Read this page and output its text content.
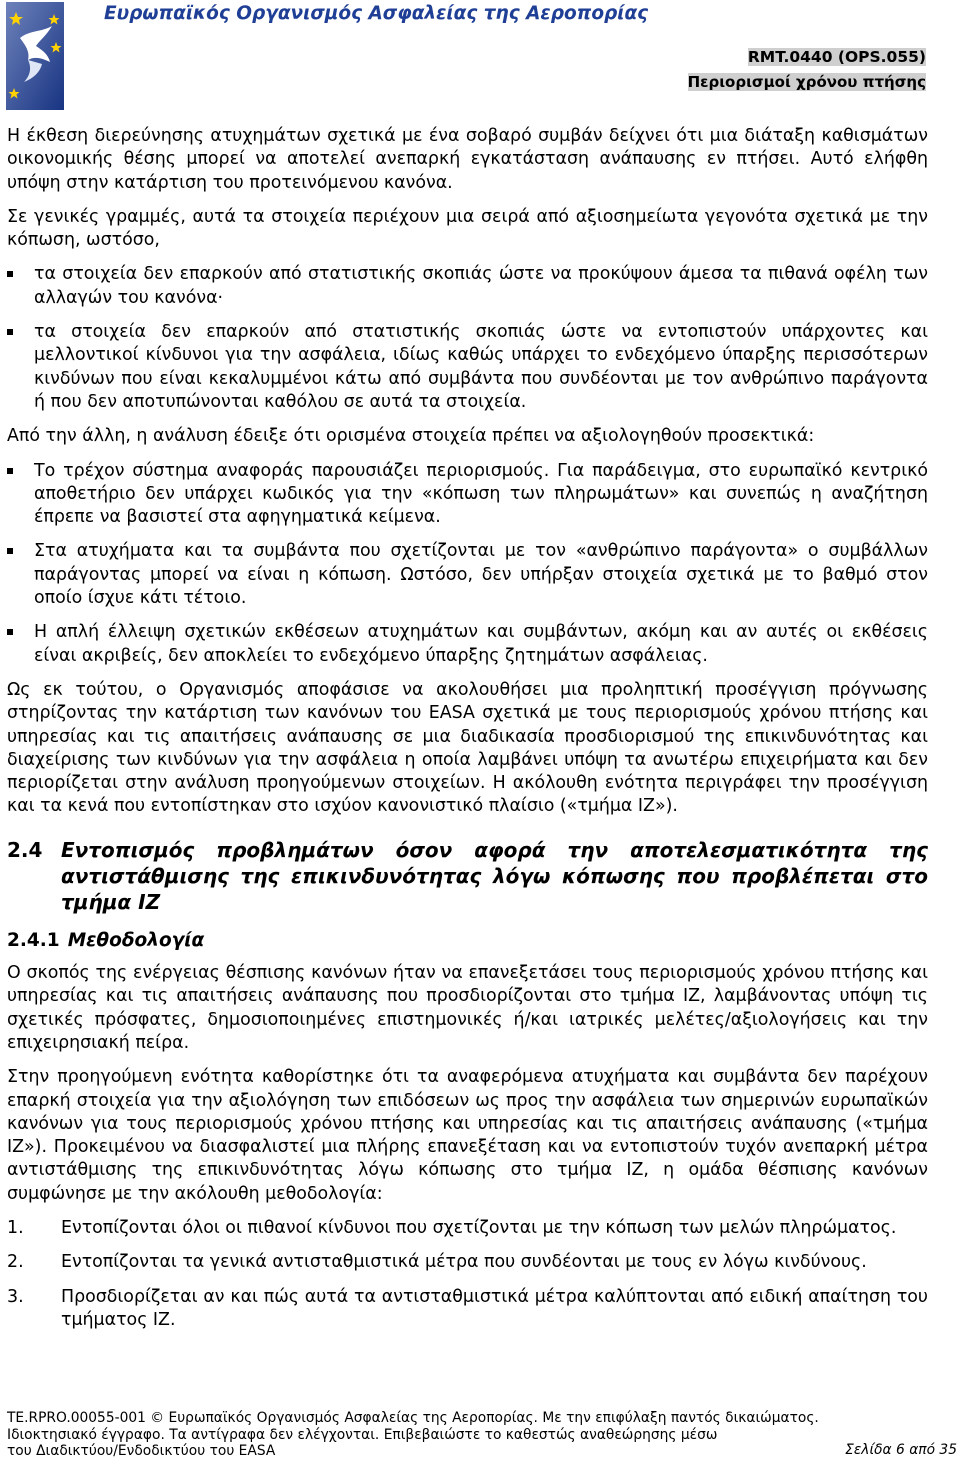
Ευρωπαϊκός Οργανισμός Ασφαλείας της Αεροπορίας
RMT.0440 (OPS.055)
Περιορισμοί χρόνου πτήσης

Η έκθεση διερεύνησης ατυχημάτων σχετικά με ένα σοβαρό συμβάν δείχνει ότι μια διάταξη καθισμάτων οικονομικής θέσης μπορεί να αποτελεί ανεπαρκή εγκατάσταση ανάπαυσης εν πτήσει. Αυτό ελήφθη υπόψη στην κατάρτιση του προτεινόμενου κανόνα.

Σε γενικές γραμμές, αυτά τα στοιχεία περιέχουν μια σειρά από αξιοσημείωτα γεγονότα σχετικά με την κόπωση, ωστόσο,

τα στοιχεία δεν επαρκούν από στατιστικής σκοπιάς ώστε να προκύψουν άμεσα τα πιθανά οφέλη των αλλαγών του κανόνα·
τα στοιχεία δεν επαρκούν από στατιστικής σκοπιάς ώστε να εντοπιστούν υπάρχοντες και μελλοντικοί κίνδυνοι για την ασφάλεια, ιδίως καθώς υπάρχει το ενδεχόμενο ύπαρξης περισσότερων κινδύνων που είναι κεκαλυμμένοι κάτω από συμβάντα που συνδέονται με τον ανθρώπινο παράγοντα ή που δεν αποτυπώνονται καθόλου σε αυτά τα στοιχεία.

Από την άλλη, η ανάλυση έδειξε ότι ορισμένα στοιχεία πρέπει να αξιολογηθούν προσεκτικά:

Το τρέχον σύστημα αναφοράς παρουσιάζει περιορισμούς. Για παράδειγμα, στο ευρωπαϊκό κεντρικό αποθετήριο δεν υπάρχει κωδικός για την «κόπωση των πληρωμάτων» και συνεπώς η αναζήτηση έπρεπε να βασιστεί στα αφηγηματικά κείμενα.
Στα ατυχήματα και τα συμβάντα που σχετίζονται με τον «ανθρώπινο παράγοντα» ο συμβάλλων παράγοντας μπορεί να είναι η κόπωση. Ωστόσο, δεν υπήρξαν στοιχεία σχετικά με το βαθμό στον οποίο ίσχυε κάτι τέτοιο.
Η απλή έλλειψη σχετικών εκθέσεων ατυχημάτων και συμβάντων, ακόμη και αν αυτές οι εκθέσεις είναι ακριβείς, δεν αποκλείει το ενδεχόμενο ύπαρξης ζητημάτων ασφάλειας.

Ως εκ τούτου, ο Οργανισμός αποφάσισε να ακολουθήσει μια προληπτική προσέγγιση πρόγνωσης στηρίζοντας την κατάρτιση των κανόνων του EASA σχετικά με τους περιορισμούς χρόνου πτήσης και υπηρεσίας και τις απαιτήσεις ανάπαυσης σε μια διαδικασία προσδιορισμού της επικινδυνότητας και διαχείρισης των κινδύνων για την ασφάλεια η οποία λαμβάνει υπόψη τα ανωτέρω επιχειρήματα και δεν περιορίζεται στην ανάλυση προηγούμενων στοιχείων. Η ακόλουθη ενότητα περιγράφει την προσέγγιση και τα κενά που εντοπίστηκαν στο ισχύον κανονιστικό πλαίσιο («τμήμα ΙΖ»).

2.4 Εντοπισμός προβλημάτων όσον αφορά την αποτελεσματικότητα της αντιστάθμισης της επικινδυνότητας λόγω κόπωσης που προβλέπεται στο τμήμα ΙΖ
2.4.1 Μεθοδολογία

Ο σκοπός της ενέργειας θέσπισης κανόνων ήταν να επανεξετάσει τους περιορισμούς χρόνου πτήσης και υπηρεσίας και τις απαιτήσεις ανάπαυσης που προσδιορίζονται στο τμήμα ΙΖ, λαμβάνοντας υπόψη τις σχετικές πρόσφατες, δημοσιοποιημένες επιστημονικές ή/και ιατρικές μελέτες/αξιολογήσεις και την επιχειρησιακή πείρα.

Στην προηγούμενη ενότητα καθορίστηκε ότι τα αναφερόμενα ατυχήματα και συμβάντα δεν παρέχουν επαρκή στοιχεία για την αξιολόγηση των επιδόσεων ως προς την ασφάλεια των σημερινών ευρωπαϊκών κανόνων για τους περιορισμούς χρόνου πτήσης και υπηρεσίας και τις απαιτήσεις ανάπαυσης («τμήμα ΙΖ»). Προκειμένου να διασφαλιστεί μια πλήρης επανεξέταση και να εντοπιστούν τυχόν ανεπαρκή μέτρα αντιστάθμισης της επικινδυνότητας λόγω κόπωσης στο τμήμα ΙΖ, η ομάδα θέσπισης κανόνων συμφώνησε με την ακόλουθη μεθοδολογία:

1. Εντοπίζονται όλοι οι πιθανοί κίνδυνοι που σχετίζονται με την κόπωση των μελών πληρώματος.
2. Εντοπίζονται τα γενικά αντισταθμιστικά μέτρα που συνδέονται με τους εν λόγω κινδύνους.
3. Προσδιορίζεται αν και πώς αυτά τα αντισταθμιστικά μέτρα καλύπτονται από ειδική απαίτηση του τμήματος ΙΖ.
TE.RPRO.00055-001 © Ευρωπαϊκός Οργανισμός Ασφαλείας της Αεροπορίας. Με την επιφύλαξη παντός δικαιώματος.
Ιδιοκτησιακό έγγραφο. Τα αντίγραφα δεν ελέγχονται. Επιβεβαιώστε το καθεστώς αναθεώρησης μέσω
του Διαδικτύου/Ενδοδικτύου του EASA	Σελίδα 6 από 35
